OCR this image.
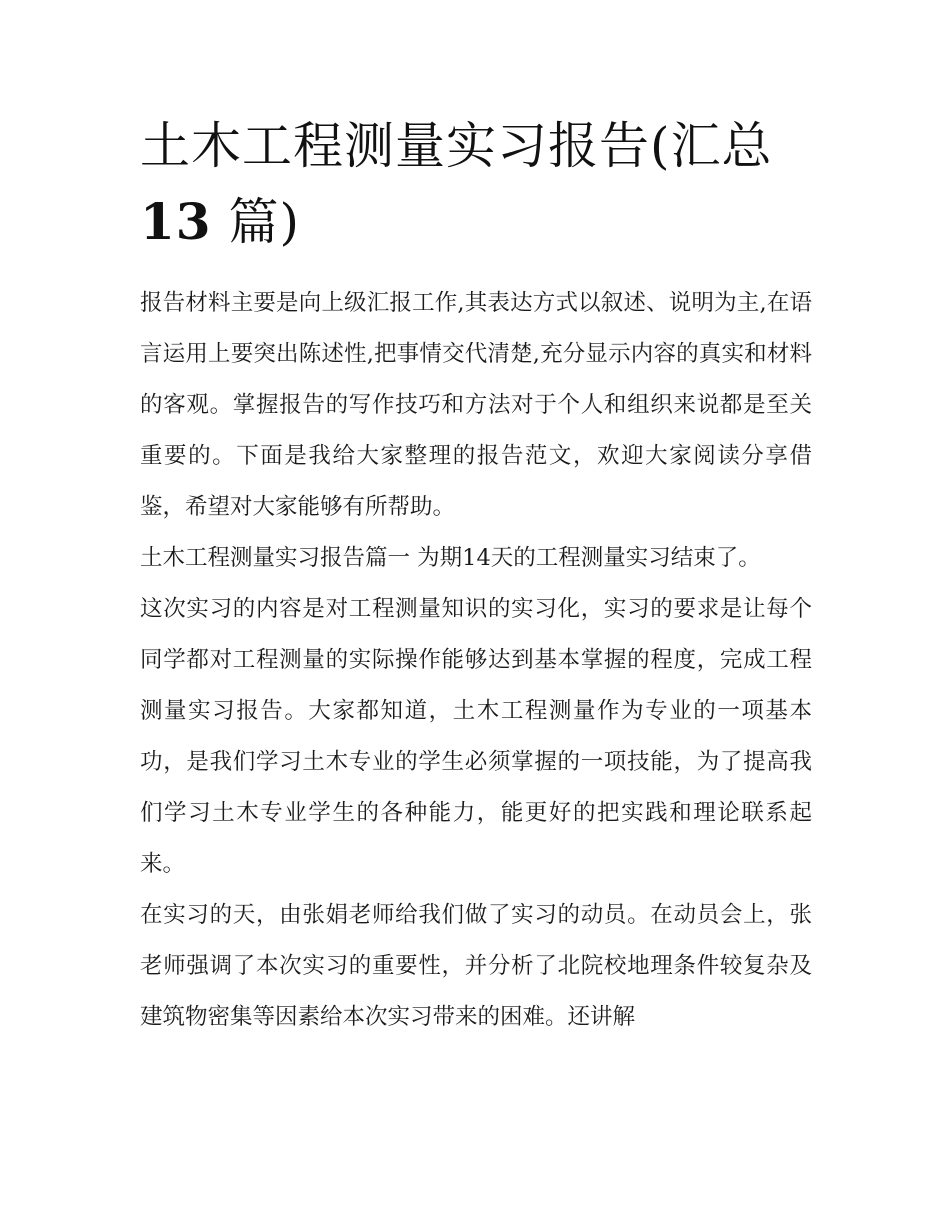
土木工程测量实习报告(汇总
13 篇)

报告材料主要是向上级汇报工作,其表达方式以叙述、说明为主,在语言运用上要突出陈述性,把事情交代清楚,充分显示内容的真实和材料的客观。掌握报告的写作技巧和方法对于个人和组织来说都是至关重要的。下面是我给大家整理的报告范文，欢迎大家阅读分享借鉴，希望对大家能够有所帮助。

土木工程测量实习报告篇一 为期14天的工程测量实习结束了。

这次实习的内容是对工程测量知识的实习化，实习的要求是让每个同学都对工程测量的实际操作能够达到基本掌握的程度，完成工程测量实习报告。大家都知道，土木工程测量作为专业的一项基本功，是我们学习土木专业的学生必须掌握的一项技能，为了提高我们学习土木专业学生的各种能力，能更好的把实践和理论联系起来。

在实习的天，由张娟老师给我们做了实习的动员。在动员会上，张老师强调了本次实习的重要性，并分析了北院校地理条件较复杂及建筑物密集等因素给本次实习带来的困难。还讲解
